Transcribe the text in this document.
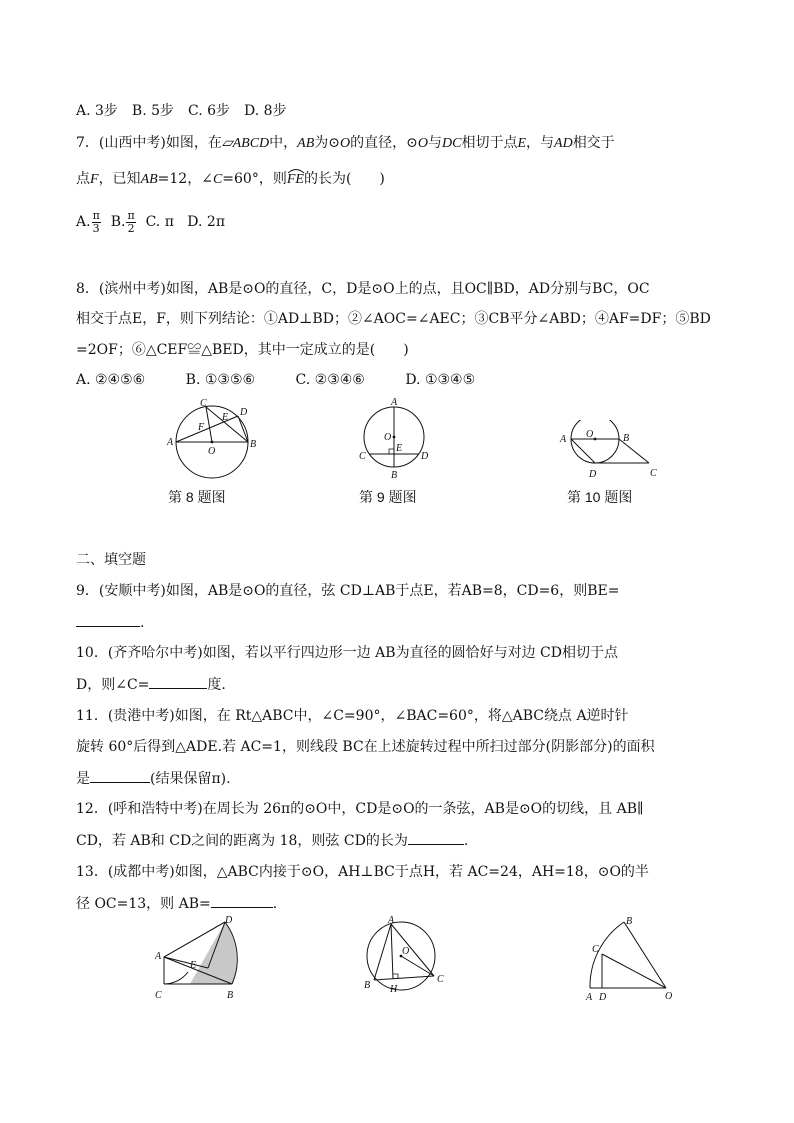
A. 3步　B. 5步　C. 6步　D. 8步
7．(山西中考)如图，在▱ABCD中，AB为⊙O的直径，⊙O与DC相切于点E，与AD相交于
点F，已知AB=12，∠C=60°，则FE
的长为(　　)
A. $\frac{\pi}{3} B$. $\frac{\pi}{2} C$. π D. 2π
8．(滨州中考)如图，AB是⊙O的直径，C，D是⊙O上的点，且OC∥BD，AD分别与BC，OC
相交于点E，F，则下列结论：①AD⊥BD；②∠AOC=∠AEC；③CB平分∠ABD；④AF=DF；⑤BD
=2OF；⑥△CEF≌△BED，其中一定成立的是(　　)
A. ②④⑤⑥	B. ①③⑤⑥	C. ②③④⑥	D. ①③④⑤
A	B
C
D
E
F
O
第 8 题图
A
B
C	D
E
O
第 9 题图
A	B
C
D
O
第 10 题图
二、填空题
9．(安顺中考)如图，AB是⊙O的直径，弦 CD⊥AB于点E，若AB=8，CD=6，则BE=
.
10．(齐齐哈尔中考)如图，若以平行四边形一边 AB为直径的圆恰好与对边 CD相切于点
D，则∠C=	度.
11．(贵港中考)如图，在 Rt△ABC中，∠C=90°，∠BAC=60°，将△ABC绕点 A逆时针
旋转 60°后得到△ADE.若 AC=1，则线段 BC在上述旋转过程中所扫过部分(阴影部分)的面积
是	(结果保留π).
12．(呼和浩特中考)在周长为 26π的⊙O中，CD是⊙O的一条弦，AB是⊙O的切线，且 AB∥
CD，若 AB和 CD之间的距离为 18，则弦 CD的长为	.
13．(成都中考)如图，△ABC内接于⊙O，AH⊥BC于点H，若 AC=24，AH=18，⊙O的半
径 OC=13，则 AB=	.
A
B
C
D
E
A
B
C
H
O
B
C
A D	O
